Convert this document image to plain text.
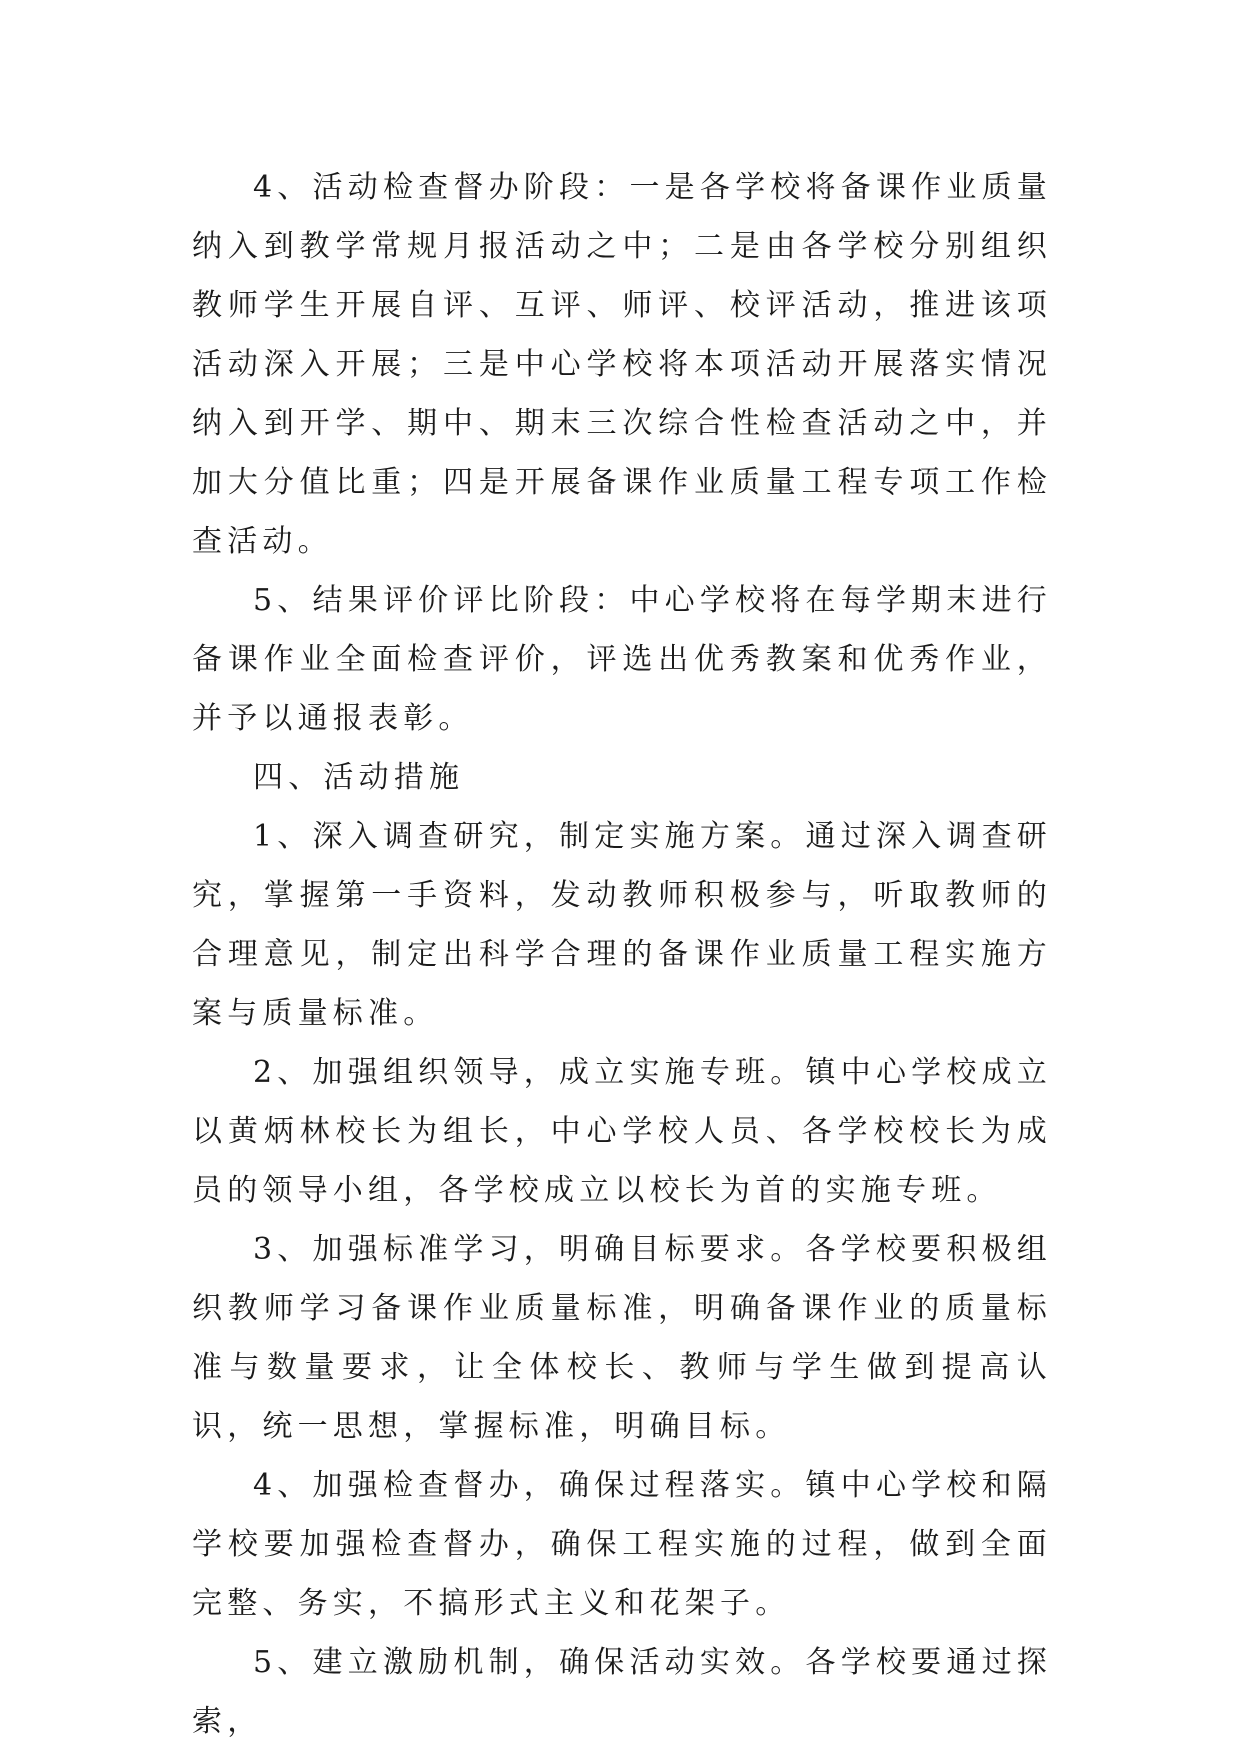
4、活动检查督办阶段：一是各学校将备课作业质量纳入到教学常规月报活动之中；二是由各学校分别组织教师学生开展自评、互评、师评、校评活动，推进该项活动深入开展；三是中心学校将本项活动开展落实情况纳入到开学、期中、期末三次综合性检查活动之中，并加大分值比重；四是开展备课作业质量工程专项工作检查活动。

5、结果评价评比阶段：中心学校将在每学期末进行备课作业全面检查评价，评选出优秀教案和优秀作业，并予以通报表彰。

四、活动措施

1、深入调查研究，制定实施方案。通过深入调查研究，掌握第一手资料，发动教师积极参与，听取教师的合理意见，制定出科学合理的备课作业质量工程实施方案与质量标准。

2、加强组织领导，成立实施专班。镇中心学校成立以黄炳林校长为组长，中心学校人员、各学校校长为成员的领导小组，各学校成立以校长为首的实施专班。

3、加强标准学习，明确目标要求。各学校要积极组织教师学习备课作业质量标准，明确备课作业的质量标准与数量要求，让全体校长、教师与学生做到提高认识，统一思想，掌握标准，明确目标。

4、加强检查督办，确保过程落实。镇中心学校和隔学校要加强检查督办，确保工程实施的过程，做到全面完整、务实，不搞形式主义和花架子。

5、建立激励机制，确保活动实效。各学校要通过探索，
